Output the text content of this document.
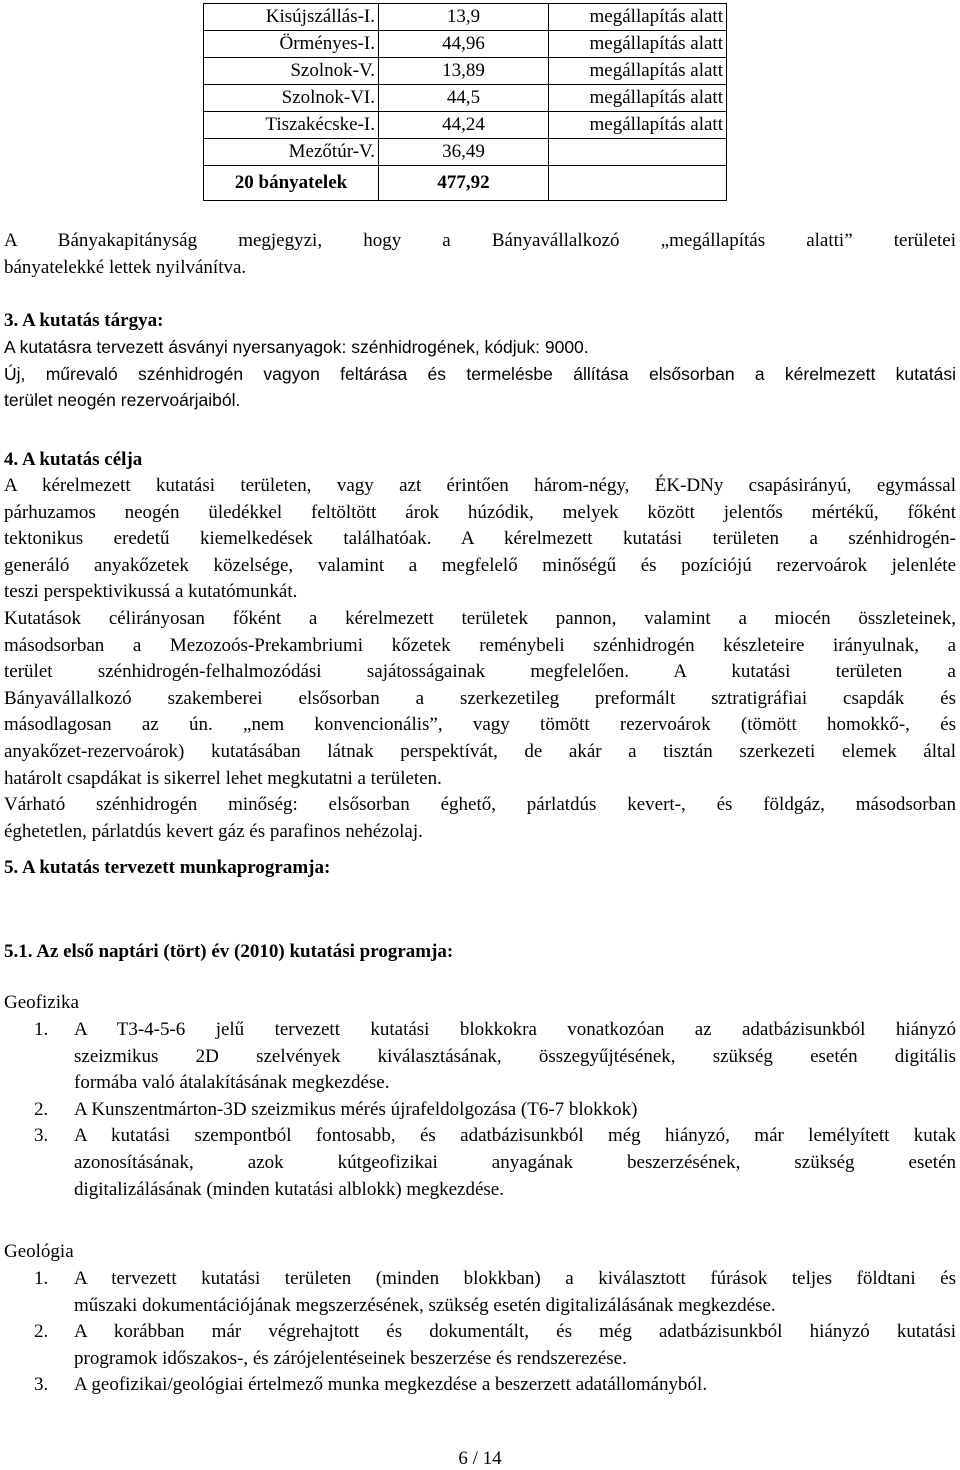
Kisújszállás-I.	13,9	megállapítás alatt
Örményes-I.	44,96	megállapítás alatt
Szolnok-V.	13,89	megállapítás alatt
Szolnok-VI.	44,5	megállapítás alatt
Tiszakécske-I.	44,24	megállapítás alatt
Mezőtúr-V.	36,49	
20 bányatelek	477,92	
A Bányakapitányság megjegyzi, hogy a Bányavállalkozó „megállapítás alatti” területei
bányatelekké lettek nyilvánítva.
3. A kutatás tárgya:
A kutatásra tervezett ásványi nyersanyagok: szénhidrogének, kódjuk: 9000.
Új, műrevaló szénhidrogén vagyon feltárása és termelésbe állítása elsősorban a kérelmezett kutatási
terület neogén rezervoárjaiból.
4. A kutatás célja
A kérelmezett kutatási területen, vagy azt érintően három-négy, ÉK-DNy csapásirányú, egymással
párhuzamos neogén üledékkel feltöltött árok húzódik, melyek között jelentős mértékű, főként
tektonikus eredetű kiemelkedések találhatóak. A kérelmezett kutatási területen a szénhidrogén-
generáló anyakőzetek közelsége, valamint a megfelelő minőségű és pozíciójú rezervoárok jelenléte
teszi perspektivikussá a kutatómunkát.
Kutatások célirányosan főként a kérelmezett területek pannon, valamint a miocén összleteinek,
másodsorban a Mezozoós-Prekambriumi kőzetek reménybeli szénhidrogén készleteire irányulnak, a
terület szénhidrogén-felhalmozódási sajátosságainak megfelelően. A kutatási területen a
Bányavállalkozó szakemberei elsősorban a szerkezetileg preformált sztratigráfiai csapdák és
másodlagosan az ún. „nem konvencionális”, vagy tömött rezervoárok (tömött homokkő-, és
anyakőzet-rezervoárok) kutatásában látnak perspektívát, de akár a tisztán szerkezeti elemek által
határolt csapdákat is sikerrel lehet megkutatni a területen.
Várható szénhidrogén minőség: elsősorban éghető, párlatdús kevert-, és földgáz, másodsorban
éghetetlen, párlatdús kevert gáz és parafinos nehézolaj.
5. A kutatás tervezett munkaprogramja:
5.1. Az első naptári (tört) év (2010) kutatási programja:
Geofizika
1. A T3-4-5-6 jelű tervezett kutatási blokkokra vonatkozóan az adatbázisunkból hiányzó
szeizmikus 2D szelvények kiválasztásának, összegyűjtésének, szükség esetén digitális
formába való átalakításának megkezdése.
2. A Kunszentmárton-3D szeizmikus mérés újrafeldolgozása (T6-7 blokkok)
3. A kutatási szempontból fontosabb, és adatbázisunkból még hiányzó, már lemélyített kutak
azonosításának, azok kútgeofizikai anyagának beszerzésének, szükség esetén
digitalizálásának (minden kutatási alblokk) megkezdése.
Geológia
1. A tervezett kutatási területen (minden blokkban) a kiválasztott fúrások teljes földtani és
műszaki dokumentációjának megszerzésének, szükség esetén digitalizálásának megkezdése.
2. A korábban már végrehajtott és dokumentált, és még adatbázisunkból hiányzó kutatási
programok időszakos-, és zárójelentéseinek beszerzése és rendszerezése.
3. A geofizikai/geológiai értelmező munka megkezdése a beszerzett adatállományból.
6 / 14
